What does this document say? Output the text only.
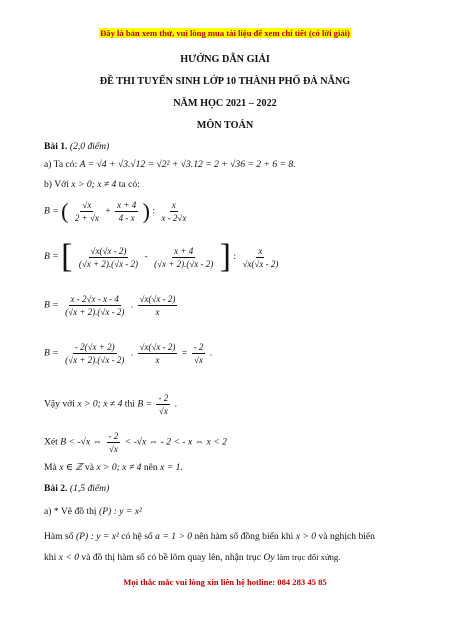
Đây là bản xem thử, vui lòng mua tài liệu để xem chi tiết (có lời giải)
HƯỚNG DẪN GIẢI
ĐỀ THI TUYỂN SINH LỚP 10 THÀNH PHỐ ĐÀ NẴNG
NĂM HỌC 2021 – 2022
MÔN TOÁN
Bài 1. (2,0 điểm)
a) Ta có: A = √4 + √3.√12 = √2² + √3.12 = 2 + √36 = 2 + 6 = 8.
b) Với x > 0; x ≠ 4 ta có:
B = ( $\frac{√x}{2 + √x} + \frac{x + 4}{4 - x}$ ) : $\frac{x}{x - 2√x}$
B = [ $\frac{√x(√x - 2)}{(√x + 2).(√x - 2)} - \frac{x + 4}{(√x + 2).(√x - 2)}$ ] : $\frac{x}{√x(√x - 2)}$
$B = \frac{x - 2√x - x - 4}{(√x + 2).(√x - 2)}$ . $\frac{√x(√x - 2)}{x}$
$B = \frac{- 2(√x + 2)}{(√x + 2).(√x - 2)}$ . $\frac{√x(√x - 2)}{x} = \frac{- 2}{√x}$ .
Vậy với x > 0; x ≠ 4 thì $B = \frac{- 2}{√x}$ .
Xét B < -√x ⇔ $\frac{- 2}{√x} < -√x$ ⇔ - 2 < - x ⇔ x < 2
Mà x ∈ ℤ và x > 0; x ≠ 4 nên x = 1.
Bài 2. (1,5 điểm)
a) * Vẽ đồ thị (P) : y = x²
Hàm số (P) : y = x² có hệ số a = 1 > 0 nên hàm số đồng biến khi x > 0 và nghịch biến
khi x < 0 và đồ thị hàm số có bề lõm quay lên, nhận trục Oy làm trục đối xứng.
Mọi thắc mắc vui lòng xin liên hệ hotline: 084 283 45 85
